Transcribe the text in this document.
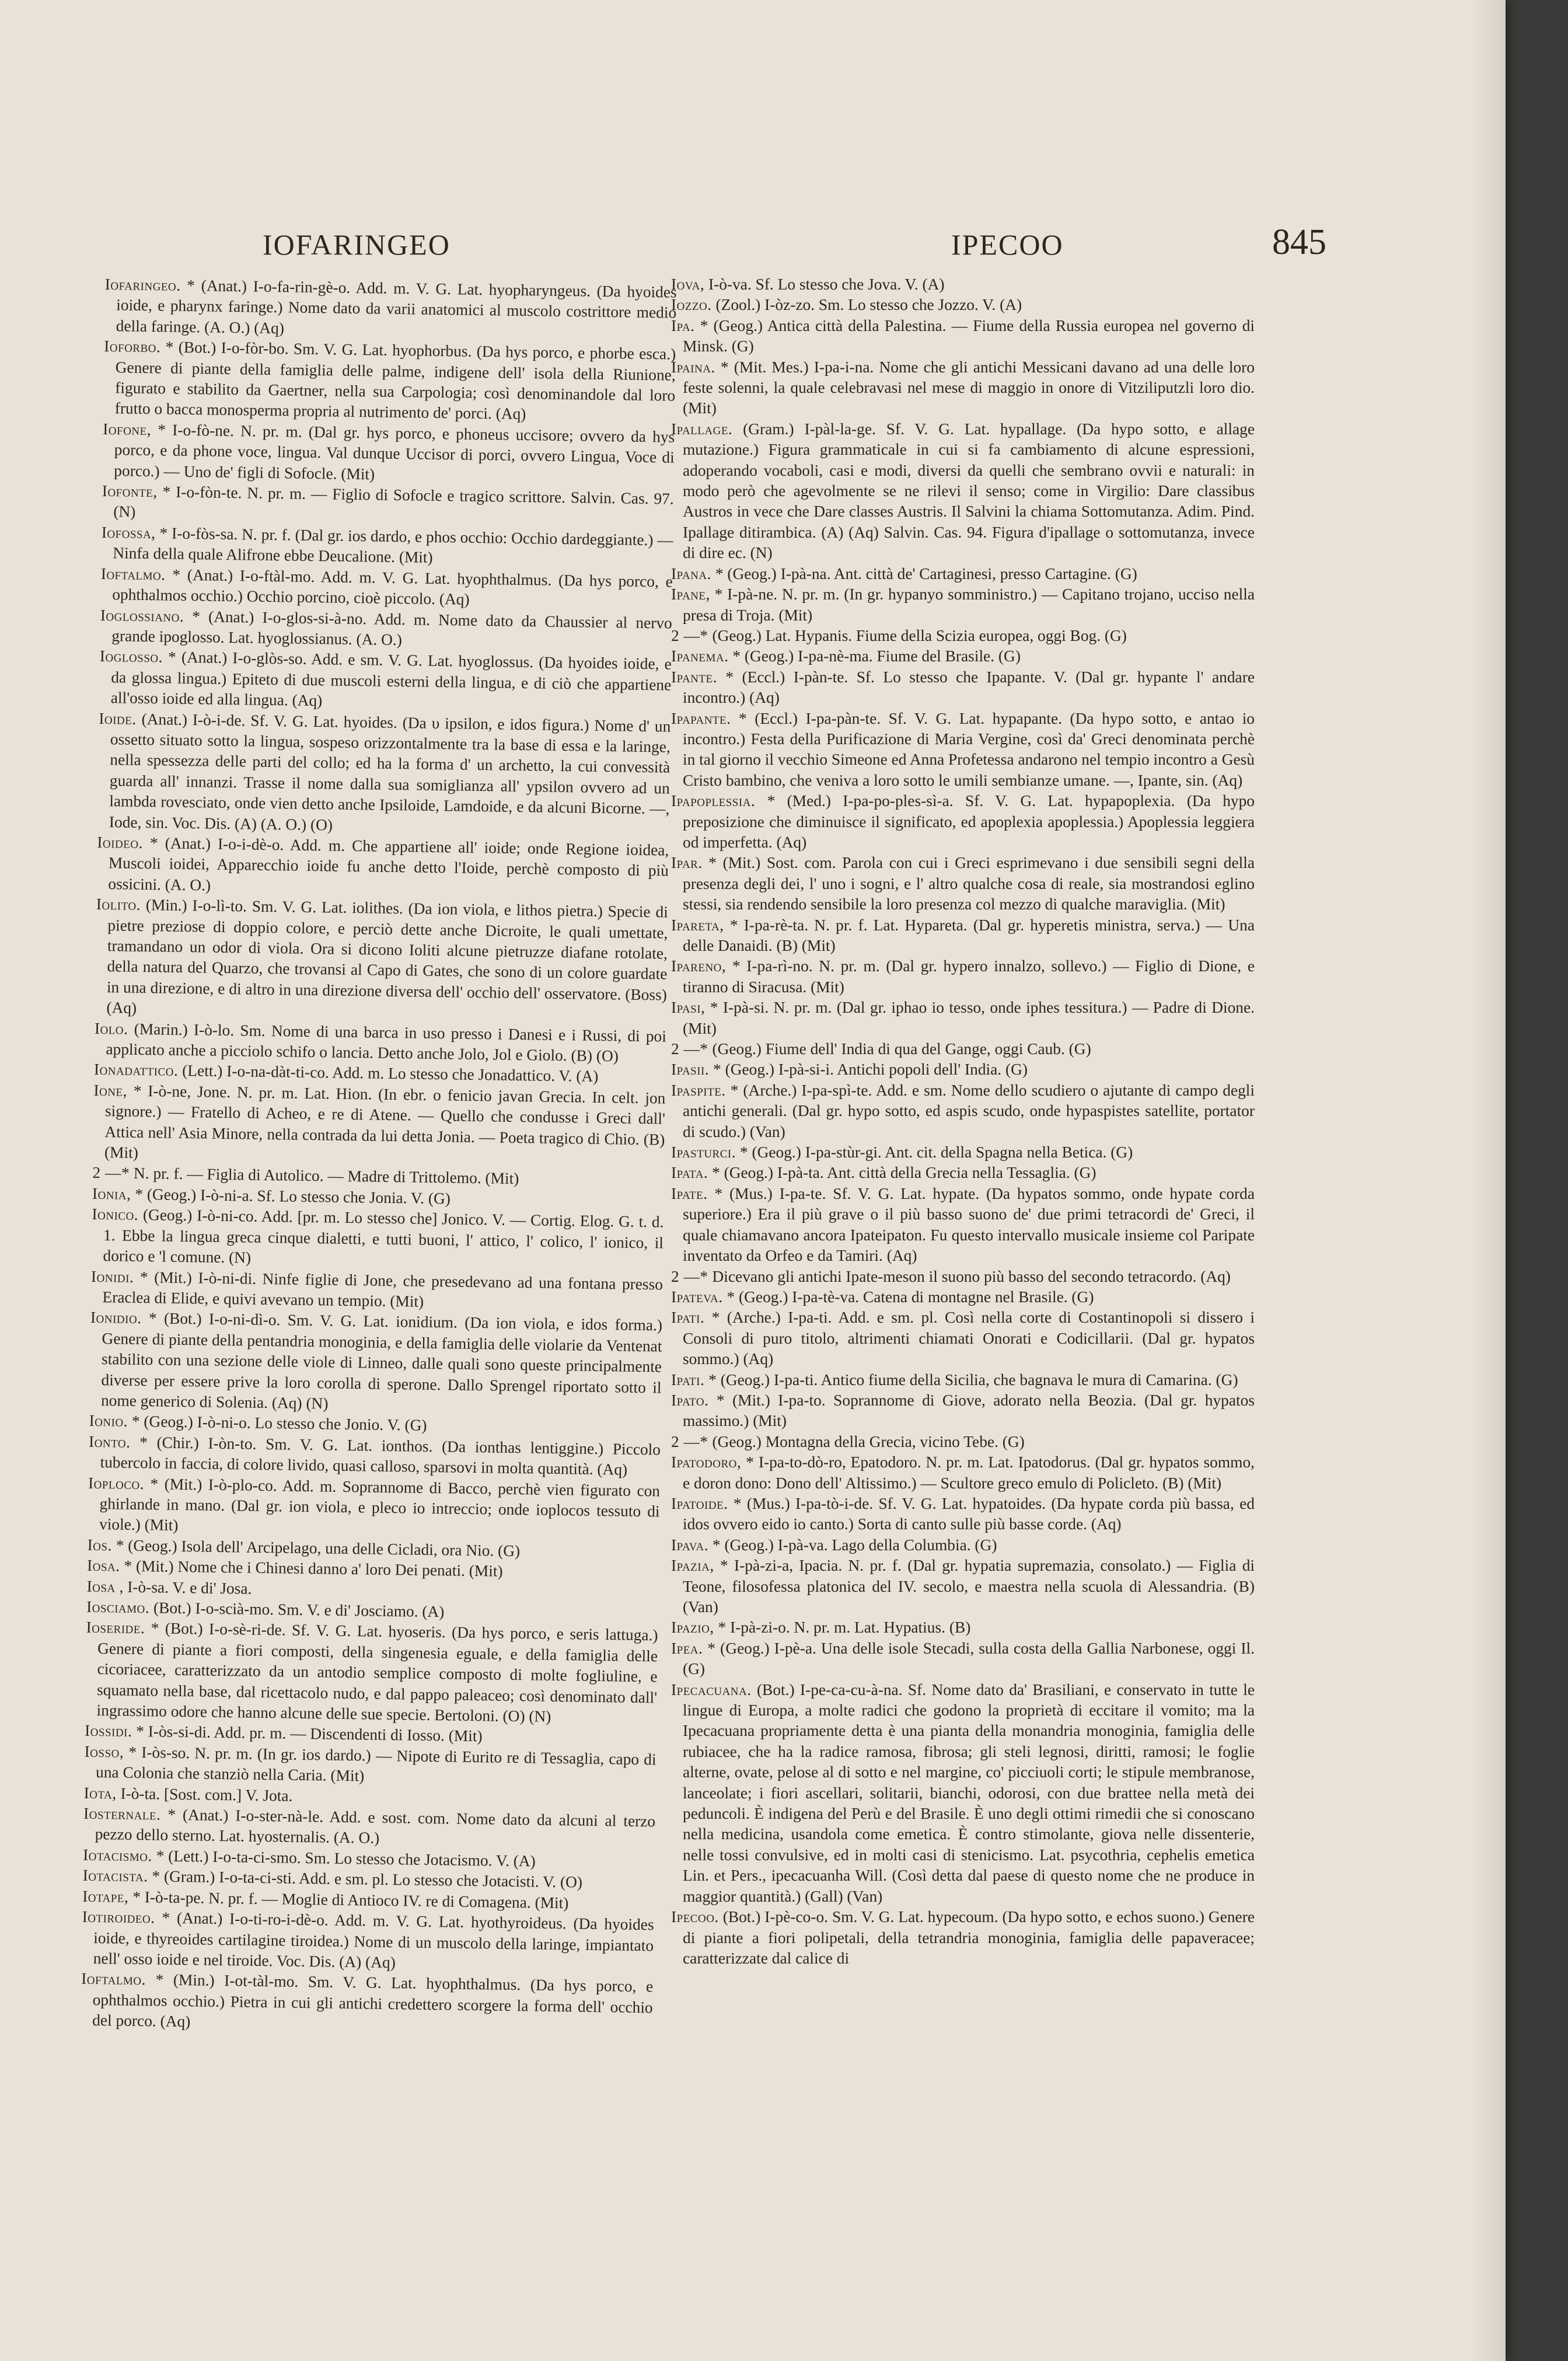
IOFARINGEO	IPECOO	845

Iofaringeo. * (Anat.) I-o-fa-rin-gè-o. Add. m. V. G. Lat. hyopharyngeus. (Da hyoides ioide, e pharynx faringe.) Nome dato da varii anatomici al muscolo costrittore medio della faringe. (A. O.) (Aq)

Ioforbo. * (Bot.) I-o-fòr-bo. Sm. V. G. Lat. hyophorbus. (Da hys porco, e phorbe esca.) Genere di piante della famiglia delle palme, indigene dell' isola della Riunione, figurato e stabilito da Gaertner, nella sua Carpologia; così denominandole dal loro frutto o bacca monosperma propria al nutrimento de' porci. (Aq)

Iofone, * I-o-fò-ne. N. pr. m. (Dal gr. hys porco, e phoneus uccisore; ovvero da hys porco, e da phone voce, lingua. Val dunque Uccisor di porci, ovvero Lingua, Voce di porco.) — Uno de' figli di Sofocle. (Mit)

Iofonte, * I-o-fòn-te. N. pr. m. — Figlio di Sofocle e tragico scrittore. Salvin. Cas. 97. (N)

Iofossa, * I-o-fòs-sa. N. pr. f. (Dal gr. ios dardo, e phos occhio: Occhio dardeggiante.) — Ninfa della quale Alifrone ebbe Deucalione. (Mit)

Ioftalmo. * (Anat.) I-o-ftàl-mo. Add. m. V. G. Lat. hyophthalmus. (Da hys porco, e ophthalmos occhio.) Occhio porcino, cioè piccolo. (Aq)

Ioglossiano. * (Anat.) I-o-glos-si-à-no. Add. m. Nome dato da Chaussier al nervo grande ipoglosso. Lat. hyoglossianus. (A. O.)

Ioglosso. * (Anat.) I-o-glòs-so. Add. e sm. V. G. Lat. hyoglossus. (Da hyoides ioide, e da glossa lingua.) Epiteto di due muscoli esterni della lingua, e di ciò che appartiene all'osso ioide ed alla lingua. (Aq)

Ioide. (Anat.) I-ò-i-de. Sf. V. G. Lat. hyoides. (Da υ ipsilon, e idos figura.) Nome d' un ossetto situato sotto la lingua, sospeso orizzontalmente tra la base di essa e la laringe, nella spessezza delle parti del collo; ed ha la forma d' un archetto, la cui convessità guarda all' innanzi. Trasse il nome dalla sua somiglianza all' ypsilon ovvero ad un lambda rovesciato, onde vien detto anche Ipsiloide, Lamdoide, e da alcuni Bicorne. —, Iode, sin. Voc. Dis. (A) (A. O.) (O)

Ioideo. * (Anat.) I-o-i-dè-o. Add. m. Che appartiene all' ioide; onde Regione ioidea, Muscoli ioidei, Apparecchio ioide fu anche detto l'Ioide, perchè composto di più ossicini. (A. O.)

Iolito. (Min.) I-o-lì-to. Sm. V. G. Lat. iolithes. (Da ion viola, e lithos pietra.) Specie di pietre preziose di doppio colore, e perciò dette anche Dicroite, le quali umettate, tramandano un odor di viola. Ora si dicono Ioliti alcune pietruzze diafane rotolate, della natura del Quarzo, che trovansi al Capo di Gates, che sono di un colore guardate in una direzione, e di altro in una direzione diversa dell' occhio dell' osservatore. (Boss) (Aq)

Iolo. (Marin.) I-ò-lo. Sm. Nome di una barca in uso presso i Danesi e i Russi, di poi applicato anche a picciolo schifo o lancia. Detto anche Jolo, Jol e Giolo. (B) (O)

Ionadattico. (Lett.) I-o-na-dàt-ti-co. Add. m. Lo stesso che Jonadattico. V. (A)

Ione, * I-ò-ne, Jone. N. pr. m. Lat. Hion. (In ebr. o fenicio javan Grecia. In celt. jon signore.) — Fratello di Acheo, e re di Atene. — Quello che condusse i Greci dall' Attica nell' Asia Minore, nella contrada da lui detta Jonia. — Poeta tragico di Chio. (B) (Mit)

2 —* N. pr. f. — Figlia di Autolico. — Madre di Trittolemo. (Mit)

Ionia, * (Geog.) I-ò-ni-a. Sf. Lo stesso che Jonia. V. (G)

Ionico. (Geog.) I-ò-ni-co. Add. [pr. m. Lo stesso che] Jonico. V. — Cortig. Elog. G. t. d. 1. Ebbe la lingua greca cinque dialetti, e tutti buoni, l' attico, l' colico, l' ionico, il dorico e 'l comune. (N)

Ionidi. * (Mit.) I-ò-ni-di. Ninfe figlie di Jone, che presedevano ad una fontana presso Eraclea di Elide, e quivi avevano un tempio. (Mit)

Ionidio. * (Bot.) I-o-ni-dì-o. Sm. V. G. Lat. ionidium. (Da ion viola, e idos forma.) Genere di piante della pentandria monoginia, e della famiglia delle violarie da Ventenat stabilito con una sezione delle viole di Linneo, dalle quali sono queste principalmente diverse per essere prive la loro corolla di sperone. Dallo Sprengel riportato sotto il nome generico di Solenia. (Aq) (N)

Ionio. * (Geog.) I-ò-ni-o. Lo stesso che Jonio. V. (G)

Ionto. * (Chir.) I-òn-to. Sm. V. G. Lat. ionthos. (Da ionthas lentiggine.) Piccolo tubercolo in faccia, di colore livido, quasi calloso, sparsovi in molta quantità. (Aq)

Ioploco. * (Mit.) I-ò-plo-co. Add. m. Soprannome di Bacco, perchè vien figurato con ghirlande in mano. (Dal gr. ion viola, e pleco io intreccio; onde ioplocos tessuto di viole.) (Mit)

Ios. * (Geog.) Isola dell' Arcipelago, una delle Cicladi, ora Nio. (G)

Iosa. * (Mit.) Nome che i Chinesi danno a' loro Dei penati. (Mit)

Iosa , I-ò-sa. V. e di' Josa.

Iosciamo. (Bot.) I-o-scià-mo. Sm. V. e di' Josciamo. (A)

Ioseride. * (Bot.) I-o-sè-ri-de. Sf. V. G. Lat. hyoseris. (Da hys porco, e seris lattuga.) Genere di piante a fiori composti, della singenesia eguale, e della famiglia delle cicoriacee, caratterizzato da un antodio semplice composto di molte fogliuline, e squamato nella base, dal ricettacolo nudo, e dal pappo paleaceo; così denominato dall' ingrassimo odore che hanno alcune delle sue specie. Bertoloni. (O) (N)

Iossidi. * I-òs-si-di. Add. pr. m. — Discendenti di Iosso. (Mit)

Iosso, * I-òs-so. N. pr. m. (In gr. ios dardo.) — Nipote di Eurito re di Tessaglia, capo di una Colonia che stanziò nella Caria. (Mit)

Iota, I-ò-ta. [Sost. com.] V. Jota.

Iosternale. * (Anat.) I-o-ster-nà-le. Add. e sost. com. Nome dato da alcuni al terzo pezzo dello sterno. Lat. hyosternalis. (A. O.)

Iotacismo. * (Lett.) I-o-ta-ci-smo. Sm. Lo stesso che Jotacismo. V. (A)

Iotacista. * (Gram.) I-o-ta-ci-sti. Add. e sm. pl. Lo stesso che Jotacisti. V. (O)

Iotape, * I-ò-ta-pe. N. pr. f. — Moglie di Antioco IV. re di Comagena. (Mit)

Iotiroideo. * (Anat.) I-o-ti-ro-i-dè-o. Add. m. V. G. Lat. hyothyroideus. (Da hyoides ioide, e thyreoides cartilagine tiroidea.) Nome di un muscolo della laringe, impiantato nell' osso ioide e nel tiroide. Voc. Dis. (A) (Aq)

Ioftalmo. * (Min.) I-ot-tàl-mo. Sm. V. G. Lat. hyophthalmus. (Da hys porco, e ophthalmos occhio.) Pietra in cui gli antichi credettero scorgere la forma dell' occhio del porco. (Aq)

Iova, I-ò-va. Sf. Lo stesso che Jova. V. (A)

Iozzo. (Zool.) I-òz-zo. Sm. Lo stesso che Jozzo. V. (A)

Ipa. * (Geog.) Antica città della Palestina. — Fiume della Russia europea nel governo di Minsk. (G)

Ipaina. * (Mit. Mes.) I-pa-i-na. Nome che gli antichi Messicani davano ad una delle loro feste solenni, la quale celebravasi nel mese di maggio in onore di Vitziliputzli loro dio. (Mit)

Ipallage. (Gram.) I-pàl-la-ge. Sf. V. G. Lat. hypallage. (Da hypo sotto, e allage mutazione.) Figura grammaticale in cui si fa cambiamento di alcune espressioni, adoperando vocaboli, casi e modi, diversi da quelli che sembrano ovvii e naturali: in modo però che agevolmente se ne rilevi il senso; come in Virgilio: Dare classibus Austros in vece che Dare classes Austris. Il Salvini la chiama Sottomutanza. Adim. Pind. Ipallage ditirambica. (A) (Aq) Salvin. Cas. 94. Figura d'ipallage o sottomutanza, invece di dire ec. (N)

Ipana. * (Geog.) I-pà-na. Ant. città de' Cartaginesi, presso Cartagine. (G)

Ipane, * I-pà-ne. N. pr. m. (In gr. hypanyo somministro.) — Capitano trojano, ucciso nella presa di Troja. (Mit)

2 —* (Geog.) Lat. Hypanis. Fiume della Scizia europea, oggi Bog. (G)

Ipanema. * (Geog.) I-pa-nè-ma. Fiume del Brasile. (G)

Ipante. * (Eccl.) I-pàn-te. Sf. Lo stesso che Ipapante. V. (Dal gr. hypante l' andare incontro.) (Aq)

Ipapante. * (Eccl.) I-pa-pàn-te. Sf. V. G. Lat. hypapante. (Da hypo sotto, e antao io incontro.) Festa della Purificazione di Maria Vergine, così da' Greci denominata perchè in tal giorno il vecchio Simeone ed Anna Profetessa andarono nel tempio incontro a Gesù Cristo bambino, che veniva a loro sotto le umili sembianze umane. —, Ipante, sin. (Aq)

Ipapoplessia. * (Med.) I-pa-po-ples-sì-a. Sf. V. G. Lat. hypapoplexia. (Da hypo preposizione che diminuisce il significato, ed apoplexia apoplessia.) Apoplessia leggiera od imperfetta. (Aq)

Ipar. * (Mit.) Sost. com. Parola con cui i Greci esprimevano i due sensibili segni della presenza degli dei, l' uno i sogni, e l' altro qualche cosa di reale, sia mostrandosi eglino stessi, sia rendendo sensibile la loro presenza col mezzo di qualche maraviglia. (Mit)

Ipareta, * I-pa-rè-ta. N. pr. f. Lat. Hypareta. (Dal gr. hyperetis ministra, serva.) — Una delle Danaidi. (B) (Mit)

Ipareno, * I-pa-rì-no. N. pr. m. (Dal gr. hypero innalzo, sollevo.) — Figlio di Dione, e tiranno di Siracusa. (Mit)

Ipasi, * I-pà-si. N. pr. m. (Dal gr. iphao io tesso, onde iphes tessitura.) — Padre di Dione. (Mit)

2 —* (Geog.) Fiume dell' India di qua del Gange, oggi Caub. (G)

Ipasii. * (Geog.) I-pà-si-i. Antichi popoli dell' India. (G)

Ipaspite. * (Arche.) I-pa-spì-te. Add. e sm. Nome dello scudiero o ajutante di campo degli antichi generali. (Dal gr. hypo sotto, ed aspis scudo, onde hypaspistes satellite, portator di scudo.) (Van)

Ipasturci. * (Geog.) I-pa-stùr-gi. Ant. cit. della Spagna nella Betica. (G)

Ipata. * (Geog.) I-pà-ta. Ant. città della Grecia nella Tessaglia. (G)

Ipate. * (Mus.) I-pa-te. Sf. V. G. Lat. hypate. (Da hypatos sommo, onde hypate corda superiore.) Era il più grave o il più basso suono de' due primi tetracordi de' Greci, il quale chiamavano ancora Ipateipaton. Fu questo intervallo musicale insieme col Paripate inventato da Orfeo e da Tamiri. (Aq)

2 —* Dicevano gli antichi Ipate-meson il suono più basso del secondo tetracordo. (Aq)

Ipateva. * (Geog.) I-pa-tè-va. Catena di montagne nel Brasile. (G)

Ipati. * (Arche.) I-pa-ti. Add. e sm. pl. Così nella corte di Costantinopoli si dissero i Consoli di puro titolo, altrimenti chiamati Onorati e Codicillarii. (Dal gr. hypatos sommo.) (Aq)

Ipati. * (Geog.) I-pa-ti. Antico fiume della Sicilia, che bagnava le mura di Camarina. (G)

Ipato. * (Mit.) I-pa-to. Soprannome di Giove, adorato nella Beozia. (Dal gr. hypatos massimo.) (Mit)

2 —* (Geog.) Montagna della Grecia, vicino Tebe. (G)

Ipatodoro, * I-pa-to-dò-ro, Epatodoro. N. pr. m. Lat. Ipatodorus. (Dal gr. hypatos sommo, e doron dono: Dono dell' Altissimo.) — Scultore greco emulo di Policleto. (B) (Mit)

Ipatoide. * (Mus.) I-pa-tò-i-de. Sf. V. G. Lat. hypatoides. (Da hypate corda più bassa, ed idos ovvero eido io canto.) Sorta di canto sulle più basse corde. (Aq)

Ipava. * (Geog.) I-pà-va. Lago della Columbia. (G)

Ipazia, * I-pà-zi-a, Ipacia. N. pr. f. (Dal gr. hypatia supremazia, consolato.) — Figlia di Teone, filosofessa platonica del IV. secolo, e maestra nella scuola di Alessandria. (B) (Van)

Ipazio, * I-pà-zi-o. N. pr. m. Lat. Hypatius. (B)

Ipea. * (Geog.) I-pè-a. Una delle isole Stecadi, sulla costa della Gallia Narbonese, oggi Il. (G)

Ipecacuana. (Bot.) I-pe-ca-cu-à-na. Sf. Nome dato da' Brasiliani, e conservato in tutte le lingue di Europa, a molte radici che godono la proprietà di eccitare il vomito; ma la Ipecacuana propriamente detta è una pianta della monandria monoginia, famiglia delle rubiacee, che ha la radice ramosa, fibrosa; gli steli legnosi, diritti, ramosi; le foglie alterne, ovate, pelose al di sotto e nel margine, co' picciuoli corti; le stipule membranose, lanceolate; i fiori ascellari, solitarii, bianchi, odorosi, con due brattee nella metà dei peduncoli. È indigena del Perù e del Brasile. È uno degli ottimi rimedii che si conoscano nella medicina, usandola come emetica. È contro stimolante, giova nelle dissenterie, nelle tossi convulsive, ed in molti casi di stenicismo. Lat. psycothria, cephelis emetica Lin. et Pers., ipecacuanha Will. (Così detta dal paese di questo nome che ne produce in maggior quantità.) (Gall) (Van)

Ipecoo. (Bot.) I-pè-co-o. Sm. V. G. Lat. hypecoum. (Da hypo sotto, e echos suono.) Genere di piante a fiori polipetali, della tetrandria monoginia, famiglia delle papaveracee; caratterizzate dal calice di
